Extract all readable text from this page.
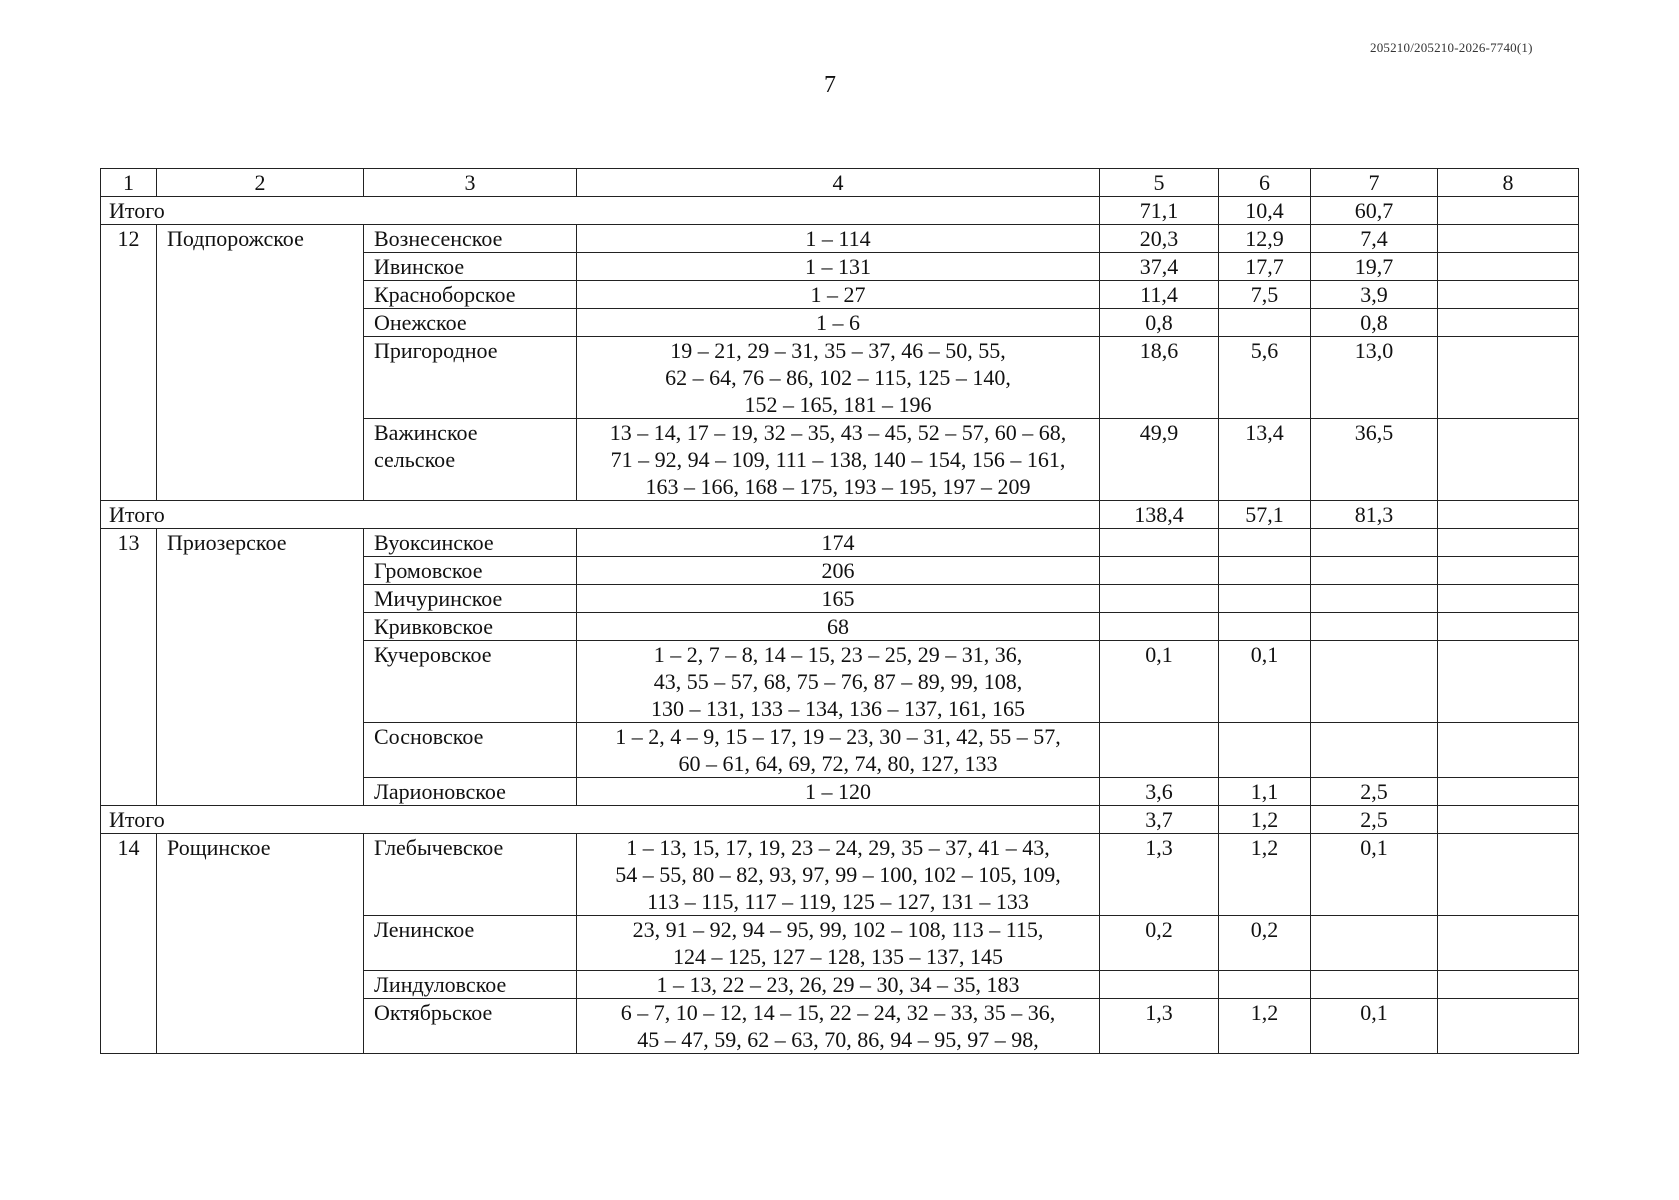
205210/205210-2026-7740(1)
7
1	2	3	4	5	6	7	8
Итого				71,1	10,4	60,7	
12	Подпорожское	Вознесенское	1 – 114	20,3	12,9	7,4	
		Ивинское	1 – 131	37,4	17,7	19,7	
		Красноборское	1 – 27	11,4	7,5	3,9	
		Онежское	1 – 6	0,8		0,8	
		Пригородное	19 – 21, 29 – 31, 35 – 37, 46 – 50, 55,
62 – 64, 76 – 86, 102 – 115, 125 – 140,
152 – 165, 181 – 196	18,6	5,6	13,0	
		Важинское
сельское	13 – 14, 17 – 19, 32 – 35, 43 – 45, 52 – 57, 60 – 68,
71 – 92, 94 – 109, 111 – 138, 140 – 154, 156 – 161,
163 – 166, 168 – 175, 193 – 195, 197 – 209	49,9	13,4	36,5	
Итого				138,4	57,1	81,3	
13	Приозерское	Вуоксинское	174				
		Громовское	206				
		Мичуринское	165				
		Кривковское	68				
		Кучеровское	1 – 2, 7 – 8, 14 – 15, 23 – 25, 29 – 31, 36,
43, 55 – 57, 68, 75 – 76, 87 – 89, 99, 108,
130 – 131, 133 – 134, 136 – 137, 161, 165	0,1	0,1		
		Сосновское	1 – 2, 4 – 9, 15 – 17, 19 – 23, 30 – 31, 42, 55 – 57,
60 – 61, 64, 69, 72, 74, 80, 127, 133				
		Ларионовское	1 – 120	3,6	1,1	2,5	
Итого				3,7	1,2	2,5	
14	Рощинское	Глебычевское	1 – 13, 15, 17, 19, 23 – 24, 29, 35 – 37, 41 – 43,
54 – 55, 80 – 82, 93, 97, 99 – 100, 102 – 105, 109,
113 – 115, 117 – 119, 125 – 127, 131 – 133	1,3	1,2	0,1	
		Ленинское	23, 91 – 92, 94 – 95, 99, 102 – 108, 113 – 115,
124 – 125, 127 – 128, 135 – 137, 145	0,2	0,2		
		Линдуловское	1 – 13, 22 – 23, 26, 29 – 30, 34 – 35, 183				
		Октябрьское	6 – 7, 10 – 12, 14 – 15, 22 – 24, 32 – 33, 35 – 36,
45 – 47, 59, 62 – 63, 70, 86, 94 – 95, 97 – 98,	1,3	1,2	0,1	
